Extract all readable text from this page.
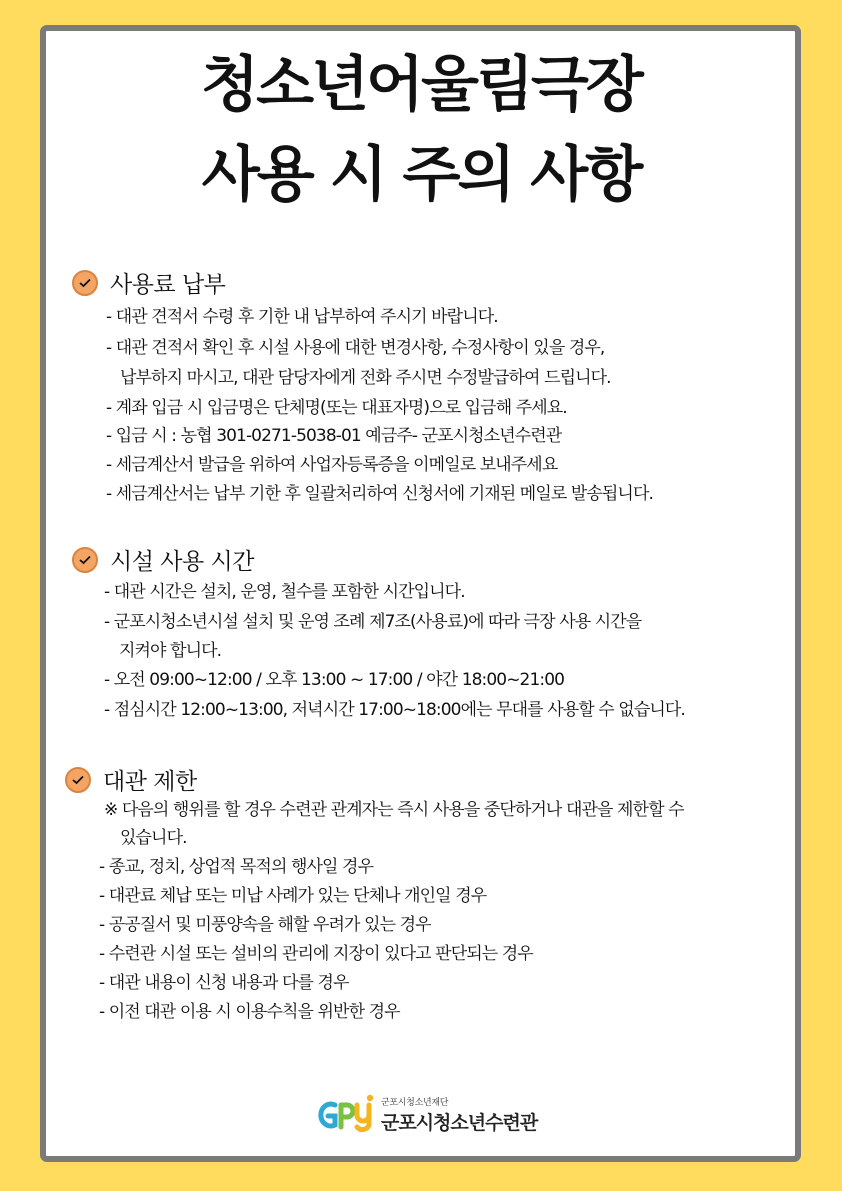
청소년어울림극장
사용 시 주의 사항
사용료 납부
- 대관 견적서 수령 후 기한 내 납부하여 주시기 바랍니다.
- 대관 견적서 확인 후 시설 사용에 대한 변경사항, 수정사항이 있을 경우,
납부하지 마시고, 대관 담당자에게 전화 주시면 수정발급하여 드립니다.
- 계좌 입금 시 입금명은 단체명(또는 대표자명)으로 입금해 주세요.
- 입금 시 : 농협 301-0271-5038-01 예금주- 군포시청소년수련관
- 세금계산서 발급을 위하여 사업자등록증을 이메일로 보내주세요
- 세금계산서는 납부 기한 후 일괄처리하여 신청서에 기재된 메일로 발송됩니다.
시설 사용 시간
- 대관 시간은 설치, 운영, 철수를 포함한 시간입니다.
- 군포시청소년시설 설치 및 운영 조례 제7조(사용료)에 따라 극장 사용 시간을
지켜야 합니다.
- 오전 09:00~12:00 / 오후 13:00 ~ 17:00 / 야간 18:00~21:00
- 점심시간 12:00~13:00, 저녁시간 17:00~18:00에는 무대를 사용할 수 없습니다.
대관 제한
※ 다음의 행위를 할 경우 수련관 관계자는 즉시 사용을 중단하거나 대관을 제한할 수
있습니다.
- 종교, 정치, 상업적 목적의 행사일 경우
- 대관료 체납 또는 미납 사례가 있는 단체나 개인일 경우
- 공공질서 및 미풍양속을 해할 우려가 있는 경우
- 수련관 시설 또는 설비의 관리에 지장이 있다고 판단되는 경우
- 대관 내용이 신청 내용과 다를 경우
- 이전 대관 이용 시 이용수칙을 위반한 경우
군포시청소년재단
군포시청소년수련관
